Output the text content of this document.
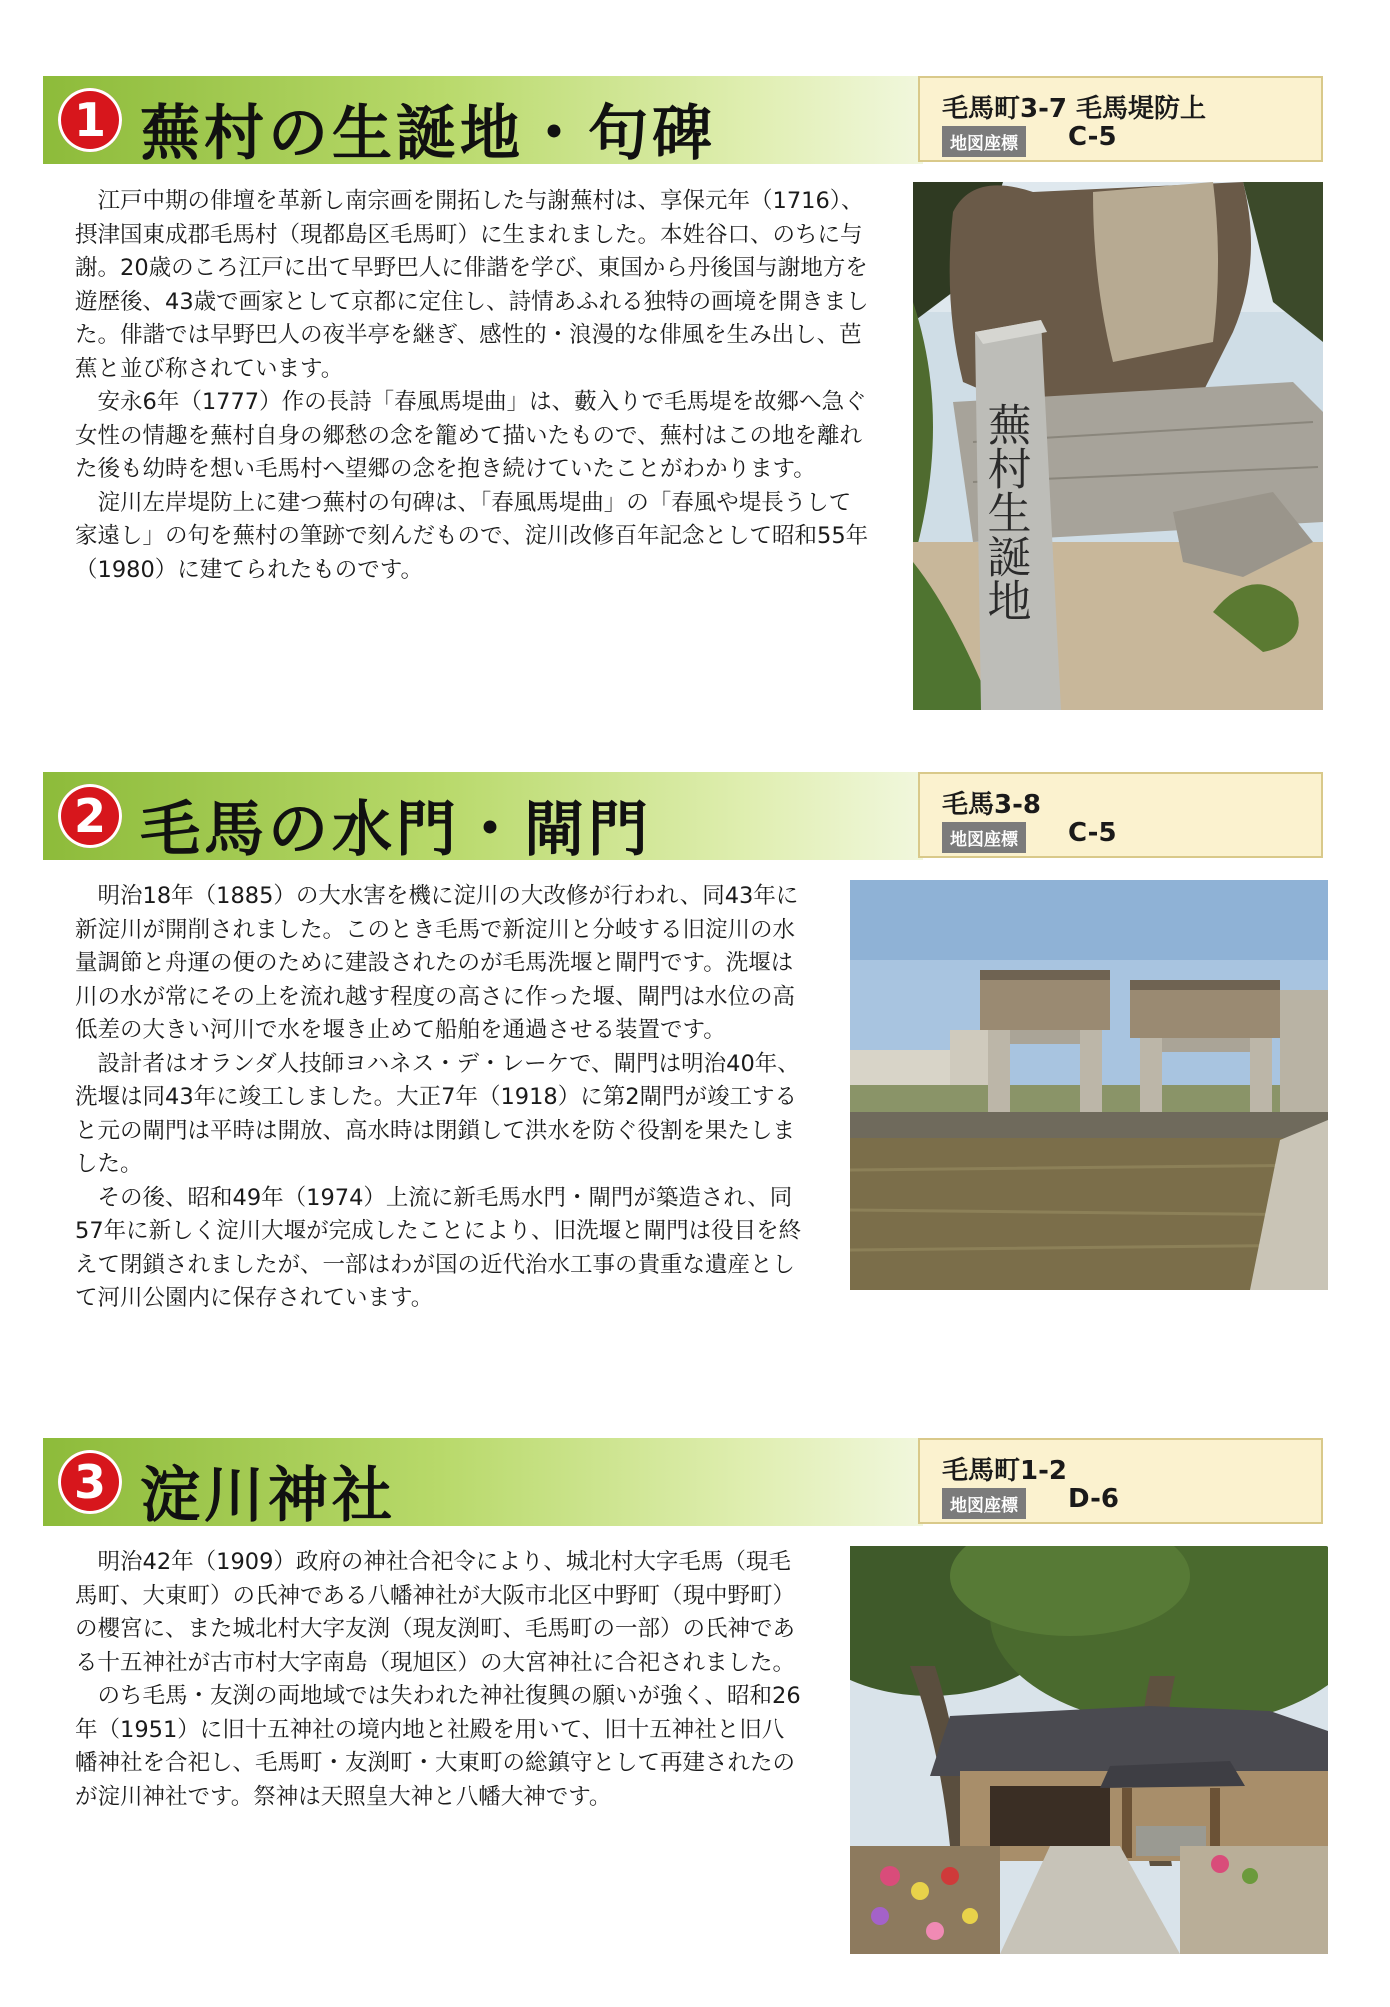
1 蕪村の生誕地・句碑	毛馬町3-7 毛馬堤防上
地図座標	C-5

江戸中期の俳壇を革新し南宗画を開拓した与謝蕪村は、享保元年（1716）、摂津国東成郡毛馬村（現都島区毛馬町）に生まれました。本姓谷口、のちに与謝。20歳のころ江戸に出て早野巴人に俳諧を学び、東国から丹後国与謝地方を遊歴後、43歳で画家として京都に定住し、詩情あふれる独特の画境を開きました。俳諧では早野巴人の夜半亭を継ぎ、感性的・浪漫的な俳風を生み出し、芭蕉と並び称されています。

安永6年（1777）作の長詩「春風馬堤曲」は、藪入りで毛馬堤を故郷へ急ぐ女性の情趣を蕪村自身の郷愁の念を籠めて描いたもので、蕪村はこの地を離れた後も幼時を想い毛馬村へ望郷の念を抱き続けていたことがわかります。

淀川左岸堤防上に建つ蕪村の句碑は、「春風馬堤曲」の「春風や堤長うして家遠し」の句を蕪村の筆跡で刻んだもので、淀川改修百年記念として昭和55年（1980）に建てられたものです。	蕪村生誕地
2 毛馬の水門・閘門	毛馬3-8
地図座標	C-5

明治18年（1885）の大水害を機に淀川の大改修が行われ、同43年に新淀川が開削されました。このとき毛馬で新淀川と分岐する旧淀川の水量調節と舟運の便のために建設されたのが毛馬洗堰と閘門です。洗堰は川の水が常にその上を流れ越す程度の高さに作った堰、閘門は水位の高低差の大きい河川で水を堰き止めて船舶を通過させる装置です。

設計者はオランダ人技師ヨハネス・デ・レーケで、閘門は明治40年、洗堰は同43年に竣工しました。大正7年（1918）に第2閘門が竣工すると元の閘門は平時は開放、高水時は閉鎖して洪水を防ぐ役割を果たしました。

その後、昭和49年（1974）上流に新毛馬水門・閘門が築造され、同57年に新しく淀川大堰が完成したことにより、旧洗堰と閘門は役目を終えて閉鎖されましたが、一部はわが国の近代治水工事の貴重な遺産として河川公園内に保存されています。

3 淀川神社	毛馬町1-2
地図座標	D-6

明治42年（1909）政府の神社合祀令により、城北村大字毛馬（現毛馬町、大東町）の氏神である八幡神社が大阪市北区中野町（現中野町）の櫻宮に、また城北村大字友渕（現友渕町、毛馬町の一部）の氏神である十五神社が古市村大字南島（現旭区）の大宮神社に合祀されました。

のち毛馬・友渕の両地域では失われた神社復興の願いが強く、昭和26年（1951）に旧十五神社の境内地と社殿を用いて、旧十五神社と旧八幡神社を合祀し、毛馬町・友渕町・大東町の総鎮守として再建されたのが淀川神社です。祭神は天照皇大神と八幡大神です。
